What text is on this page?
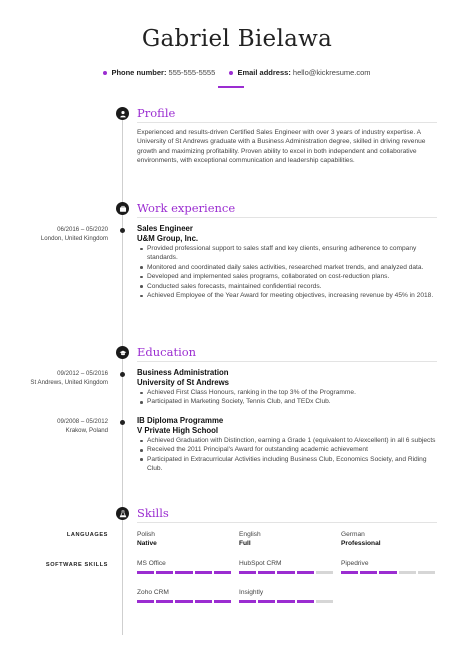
Gabriel Bielawa
Phone number: 555-555-5555	Email address: hello@kickresume.com
Profile
Experienced and results-driven Certified Sales Engineer with over 3 years of industry expertise. A University of St Andrews graduate with a Business Administration degree, skilled in driving revenue growth and maximizing profitability. Proven ability to excel in both independent and collaborative environments, with exceptional communication and leadership capabilities.
Work experience
06/2016 – 05/2020
London, United Kingdom
Sales Engineer
U&M Group, Inc.
Provided professional support to sales staff and key clients, ensuring adherence to company standards.
Monitored and coordinated daily sales activities, researched market trends, and analyzed data.
Developed and implemented sales programs, collaborated on cost-reduction plans.
Conducted sales forecasts, maintained confidential records.
Achieved Employee of the Year Award for meeting objectives, increasing revenue by 45% in 2018.
Education
09/2012 – 05/2016
St Andrews, United Kingdom
Business Administration
University of St Andrews
Achieved First Class Honours, ranking in the top 3% of the Programme.
Participated in Marketing Society, Tennis Club, and TEDx Club.
09/2008 – 05/2012
Krakow, Poland
IB Diploma Programme
V Private High School
Achieved Graduation with Distinction, earning a Grade 1 (equivalent to A/excellent) in all 6 subjects
Received the 2011 Principal's Award for outstanding academic achievement
Participated in Extracurricular Activities including Business Club, Economics Society, and Riding Club.
Skills
LANGUAGES	Polish
Native
English
Full
German
Professional
SOFTWARE SKILLS	MS Office	HubSpot CRM	Pipedrive
Zoho CRM	Insightly
